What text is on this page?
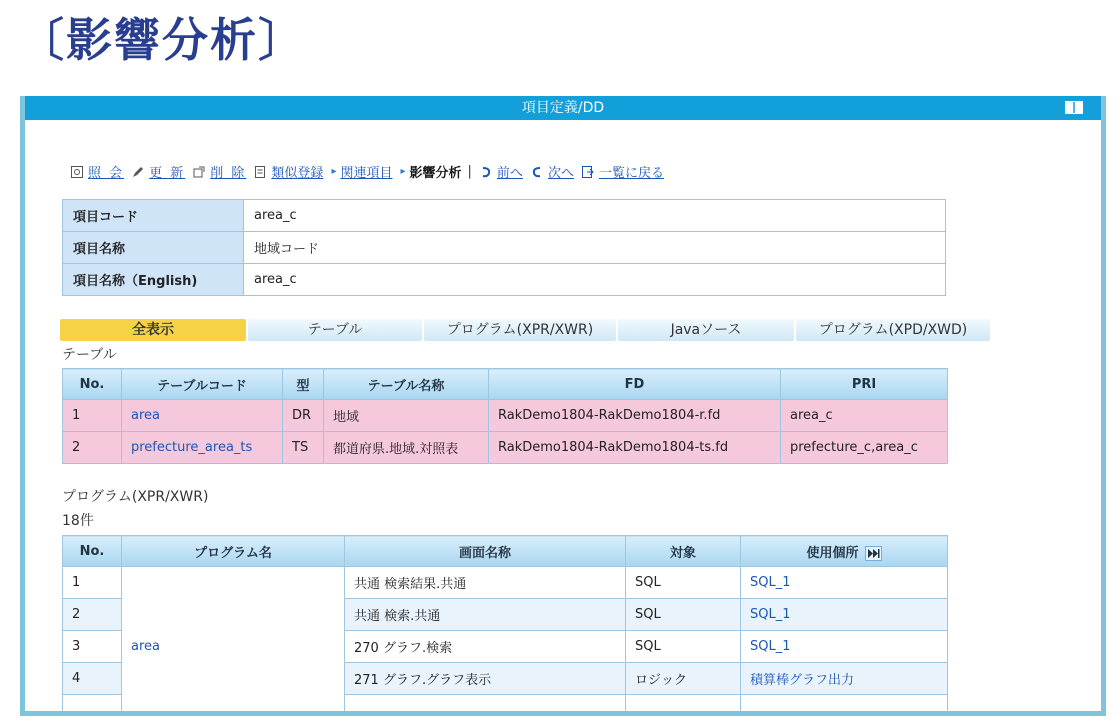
〔影響分析〕
項目定義/DD
照 会 更 新 削 除 類似登録 ▸ 関連項目 ▸ 影響分析 | 前へ 次へ 一覧に戻る
項目コード	area_c
項目名称	地域コード
項目名称（English)	area_c
全表示	テーブル	プログラム(XPR/XWR)	Javaソース	プログラム(XPD/XWD)
テーブル
No.	テーブルコード	型	テーブル名称	FD	PRI
1	area	DR	地域	RakDemo1804-RakDemo1804-r.fd	area_c
2	prefecture_area_ts	TS	都道府県.地域.対照表	RakDemo1804-RakDemo1804-ts.fd	prefecture_c,area_c
プログラム(XPR/XWR)
18件
No.	プログラム名	画面名称	対象	使用個所
1	area	共通 検索結果.共通	SQL	SQL_1
2		共通 検索.共通	SQL	SQL_1
3		270 グラフ.検索	SQL	SQL_1
4		271 グラフ.グラフ表示	ロジック	積算棒グラフ出力
